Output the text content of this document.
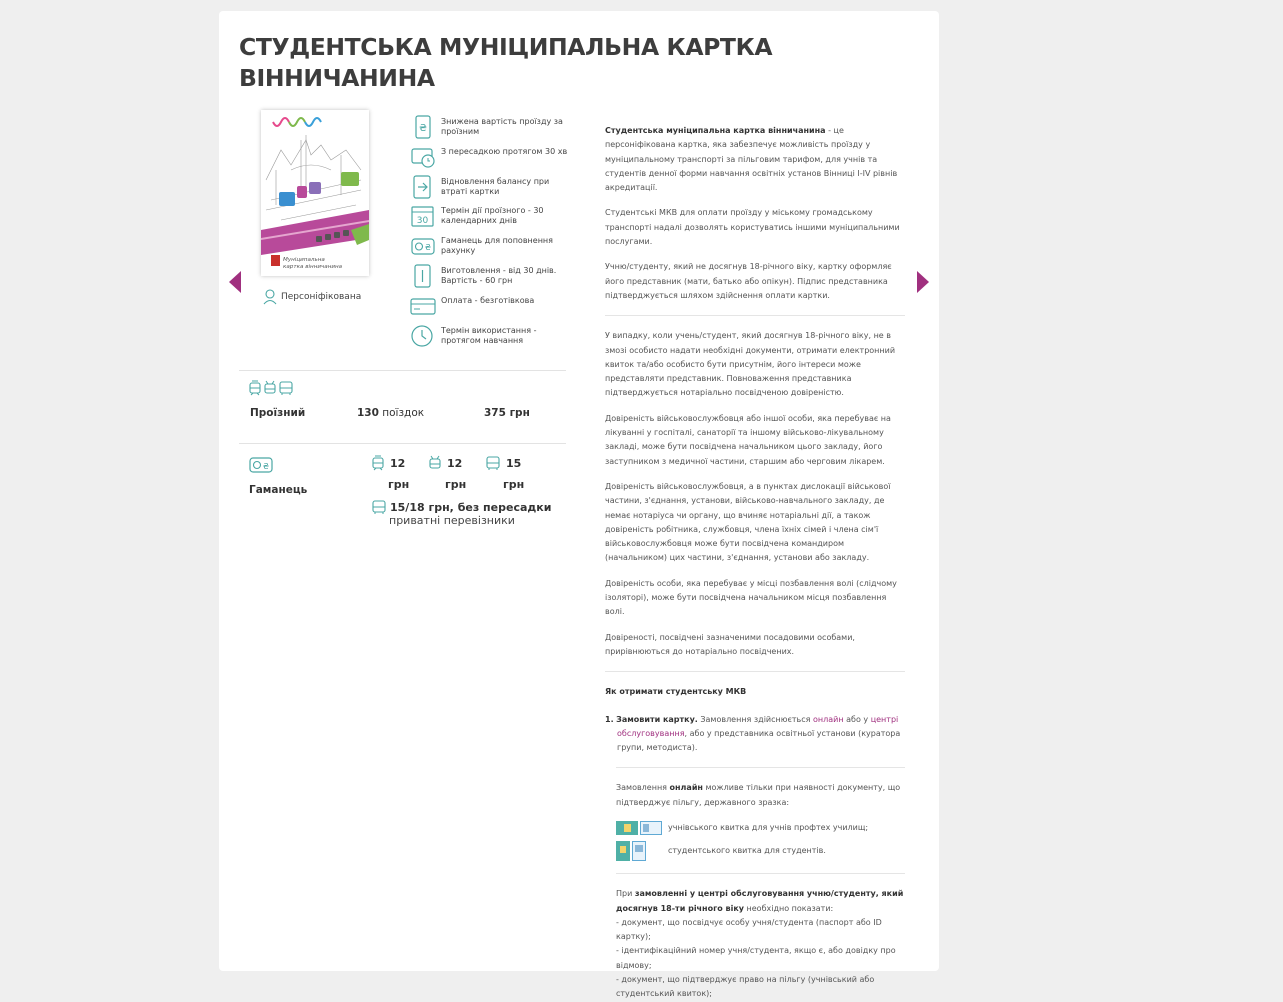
СТУДЕНТСЬКА МУНІЦИПАЛЬНА КАРТКА ВІННИЧАНИНА
Муніципальна
картка вінничанина
Персоніфікована
₴
Знижена вартість проїзду за проїзним
З пересадкою протягом 30 хв
Відновлення балансу при втраті картки
30
Термін дії проїзного - 30 календарних днів
₴
Гаманець для поповнення рахунку
Виготовлення - від 30 днів. Вартість - 60 грн
Оплата - безготівкова
Термін використання - протягом навчання
Проїзний	130 поїздок	375 грн
₴
Гаманець
12
грн
12
грн
15
грн
15/18 грн, без пересадки
приватні перевізники

Студентська муніципальна картка вінничанина - це персоніфікована картка, яка забезпечує можливість проїзду у муніципальному транспорті за пільговим тарифом, для учнів та студентів денної форми навчання освітніх установ Вінниці І-IV рівнів акредитації.

Студентські МКВ для оплати проїзду у міському громадському транспорті надалі дозволять користуватись іншими муніципальними послугами.

Учню/студенту, який не досягнув 18-річного віку, картку оформляє його представник (мати, батько або опікун). Підпис представника підтверджується шляхом здійснення оплати картки.

У випадку, коли учень/студент, який досягнув 18-річного віку, не в змозі особисто надати необхідні документи, отримати електронний квиток та/або особисто бути присутнім, його інтереси може представляти представник. Повноваження представника підтверджується нотаріально посвідченою довіреністю.

Довіреність військовослужбовця або іншої особи, яка перебуває на лікуванні у госпіталі, санаторії та іншому військово-лікувальному закладі, може бути посвідчена начальником цього закладу, його заступником з медичної частини, старшим або черговим лікарем.

Довіреність військовослужбовця, а в пунктах дислокації військової частини, з'єднання, установи, військово-навчального закладу, де немає нотаріуса чи органу, що вчиняє нотаріальні дії, а також довіреність робітника, службовця, члена їхніх сімей і члена сім'ї військовослужбовця може бути посвідчена командиром (начальником) цих частини, з'єднання, установи або закладу.

Довіреність особи, яка перебуває у місці позбавлення волі (слідчому ізоляторі), може бути посвідчена начальником місця позбавлення волі.

Довіреності, посвідчені зазначеними посадовими особами, прирівнюються до нотаріально посвідчених.

Як отримати студентську МКВ

1. Замовити картку. Замовлення здійснюється онлайн або у центрі обслуговування, або у представника освітньої установи (куратора групи, методиста).

Замовлення онлайн можливе тільки при наявності документу, що підтверджує пільгу, державного зразка:

учнівського квитка для учнів профтех училищ;
студентського квитка для студентів.

При замовленні у центрі обслуговування учню/студенту, який досягнув 18-ти річного віку необхідно показати:

- документ, що посвідчує особу учня/студента (паспорт або ID картку);

- ідентифікаційний номер учня/студента, якщо є, або довідку про відмову;

- документ, що підтверджує право на пільгу (учнівський або студентський квиток);
